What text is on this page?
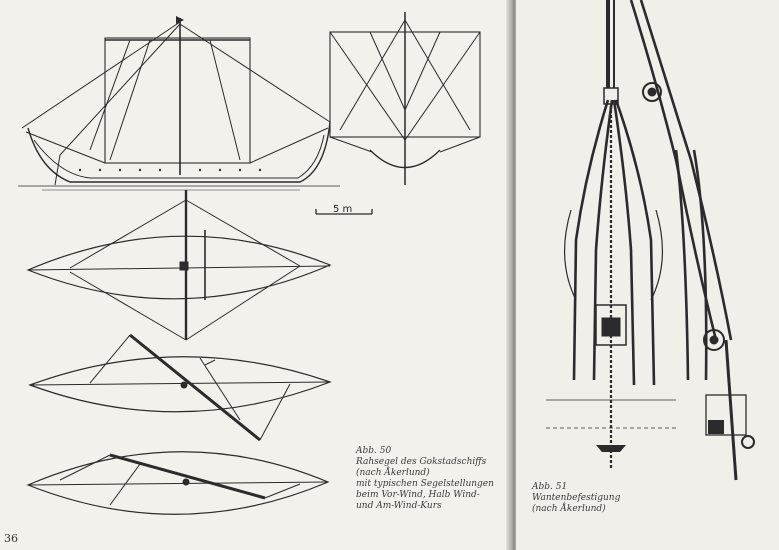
5 m
Abb. 50
Rahsegel des Gokstadschiffs
(nach Åkerlund)
mit typischen Segelstellungen
beim Vor-Wind, Halb Wind-
und Am-Wind-Kurs
36
Abb. 51
Wantenbefestigung
(nach Åkerlund)
